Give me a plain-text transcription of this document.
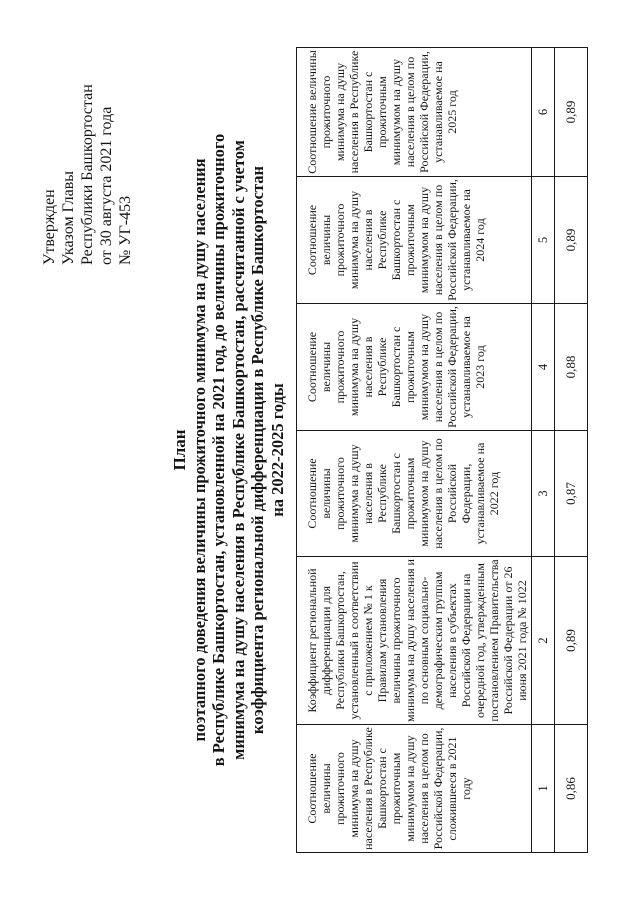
Утвержден Указом Главы Республики Башкортостан от 30 августа 2021 года № УГ-453
План поэтапного доведения величины прожиточного минимума на душу населения в Республике Башкортостан, установленной на 2021 год, до величины прожиточного минимума на душу населения в Республике Башкортостан, рассчитанной с учетом коэффициента региональной дифференциации в Республике Башкортостан на 2022-2025 годы
Соотношение величины прожиточного минимума на душу населения в Республике Башкортостан с прожиточным минимумом на душу населения в целом по Российской Федерации, сложившееся в 2021 году	Коэффициент региональной дифференциации для Республики Башкортостан, установленный в соответствии с приложением № 1 к Правилам установления величины прожиточного минимума на душу населения и по основным социально-демографическим группам населения в субъектах Российской Федерации на очередной год, утвержденным постановлением Правительства Российской Федерации от 26 июня 2021 года № 1022	Соотношение величины прожиточного минимума на душу населения в Республике Башкортостан с прожиточным минимумом на душу населения в целом по Российской Федерации, устанавливаемое на 2022 год	Соотношение величины прожиточного минимума на душу населения в Республике Башкортостан с прожиточным минимумом на душу населения в целом по Российской Федерации, устанавливаемое на 2023 год	Соотношение величины прожиточного минимума на душу населения в Республике Башкортостан с прожиточным минимумом на душу населения в целом по Российской Федерации, устанавливаемое на 2024 год	Соотношение величины прожиточного минимума на душу населения в Республике Башкортостан с прожиточным минимумом на душу населения в целом по Российской Федерации, устанавливаемое на 2025 год

1	2	3	4	5	6
0,86	0,89	0,87	0,88	0,89	0,89
